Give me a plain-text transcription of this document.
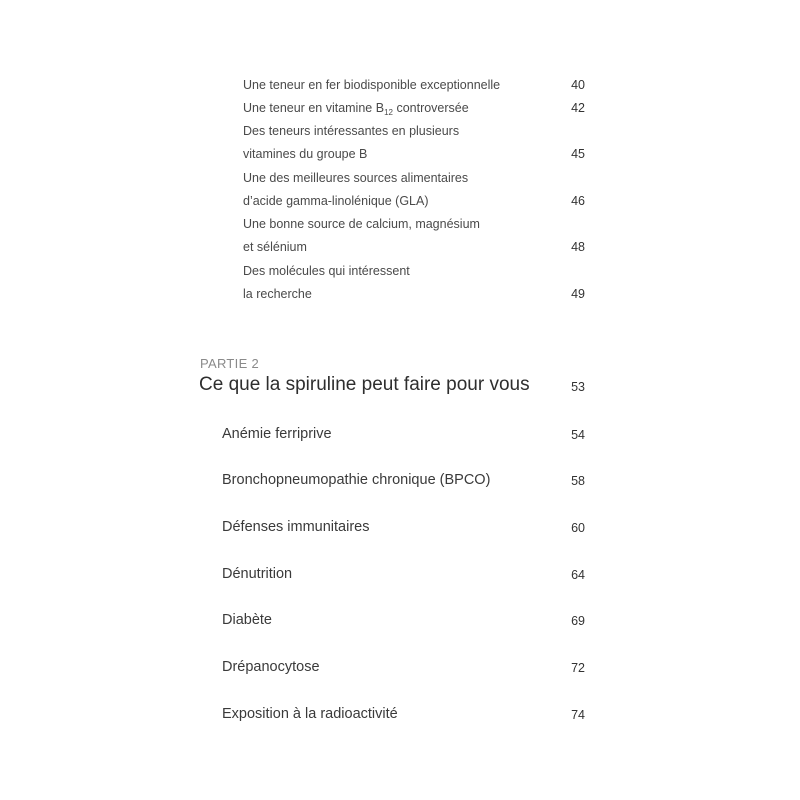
Une teneur en fer biodisponible exceptionnelle	40
Une teneur en vitamine $B_{12}$ controversée	42
Des teneurs intéressantes en plusieurs
vitamines du groupe B	45
Une des meilleures sources alimentaires
d’acide gamma-linolénique (GLA)	46
Une bonne source de calcium, magnésium
et sélénium	48
Des molécules qui intéressent
la recherche	49
PARTIE 2
Ce que la spiruline peut faire pour vous	53
Anémie ferriprive	54
Bronchopneumopathie chronique (BPCO)	58
Défenses immunitaires	60
Dénutrition	64
Diabète	69
Drépanocytose	72
Exposition à la radioactivité	74
